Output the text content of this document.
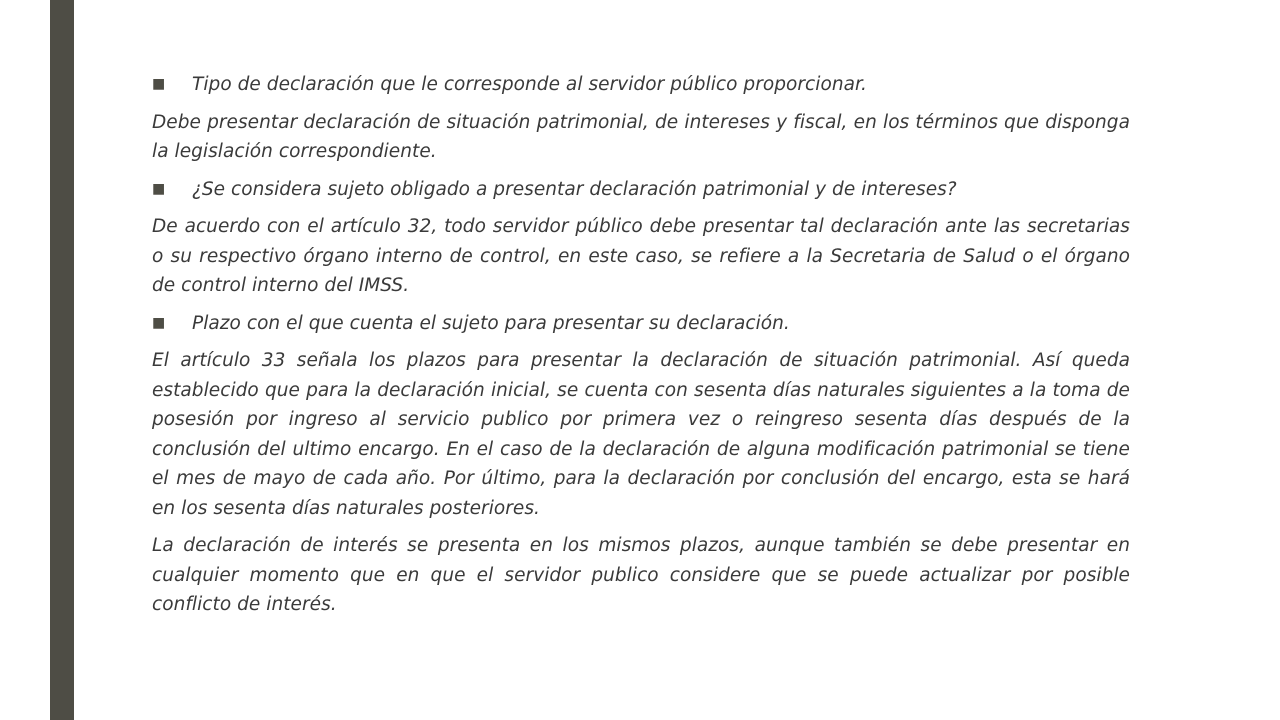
■ Tipo de declaración que le corresponde al servidor público proporcionar.

Debe presentar declaración de situación patrimonial, de intereses y fiscal, en los términos que disponga la legislación correspondiente.

■ ¿Se considera sujeto obligado a presentar declaración patrimonial y de intereses?

De acuerdo con el artículo 32, todo servidor público debe presentar tal declaración ante las secretarias o su respectivo órgano interno de control, en este caso, se refiere a la Secretaria de Salud o el órgano de control interno del IMSS.

■ Plazo con el que cuenta el sujeto para presentar su declaración.

El artículo 33 señala los plazos para presentar la declaración de situación patrimonial. Así queda establecido que para la declaración inicial, se cuenta con sesenta días naturales siguientes a la toma de posesión por ingreso al servicio publico por primera vez o reingreso sesenta días después de la conclusión del ultimo encargo. En el caso de la declaración de alguna modificación patrimonial se tiene el mes de mayo de cada año. Por último, para la declaración por conclusión del encargo, esta se hará en los sesenta días naturales posteriores.

La declaración de interés se presenta en los mismos plazos, aunque también se debe presentar en cualquier momento que en que el servidor publico considere que se puede actualizar por posible conflicto de interés.
